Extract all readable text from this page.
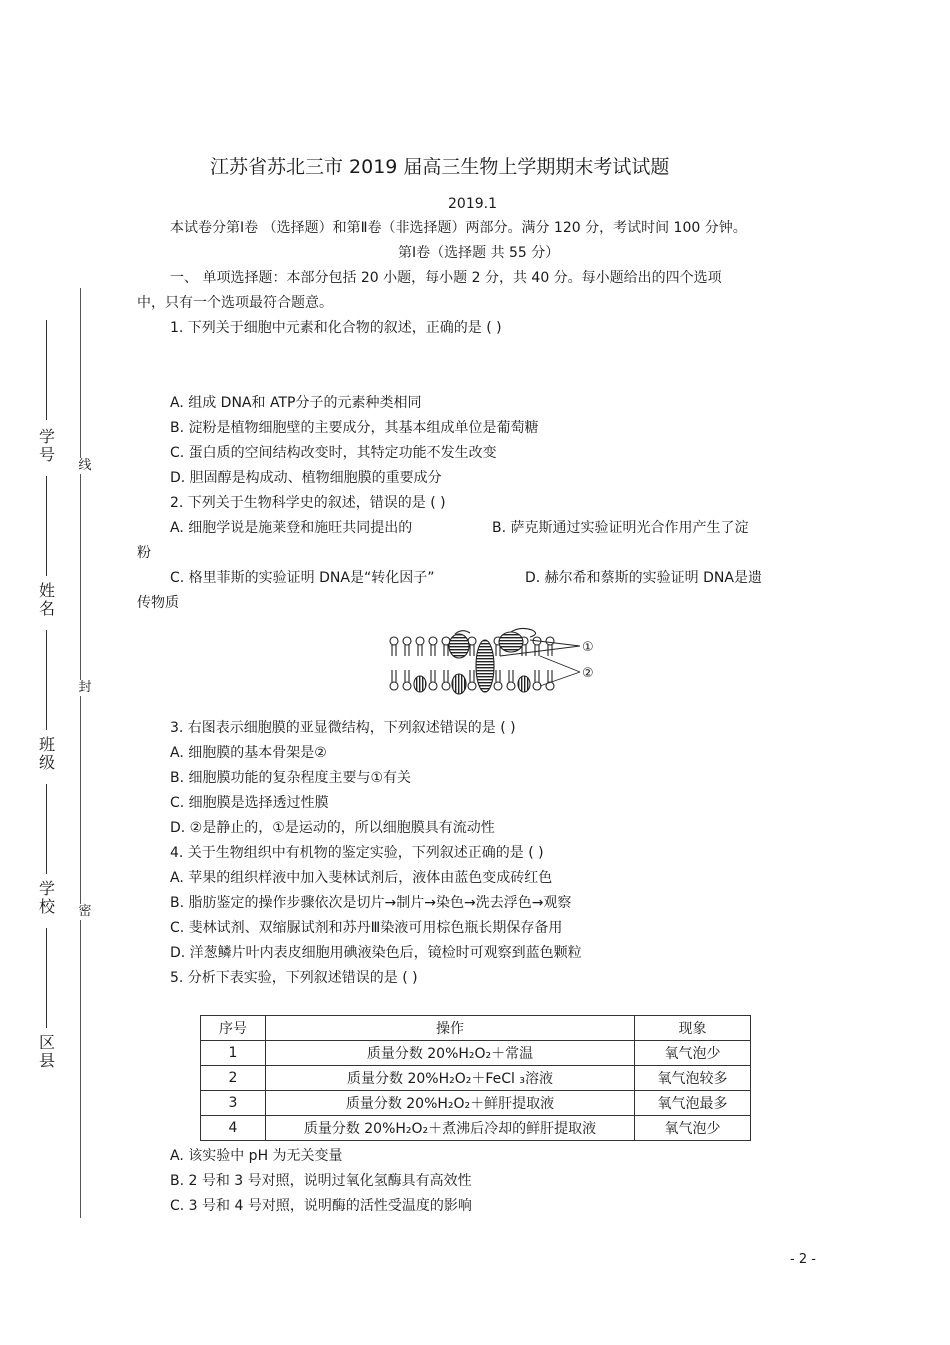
学号
姓名
班级
学校
区县
线
封
密
江苏省苏北三市 2019 届高三生物上学期期末考试试题
2019.1
本试卷分第Ⅰ卷 （选择题）和第Ⅱ卷（非选择题）两部分。满分 120 分，考试时间 100 分钟。
第Ⅰ卷（选择题 共 55 分）
一、 单项选择题：本部分包括 20 小题，每小题 2 分，共 40 分。每小题给出的四个选项
中，只有一个选项最符合题意。
1. 下列关于细胞中元素和化合物的叙述，正确的是 ( )
A. 组成 DNA和 ATP分子的元素种类相同
B. 淀粉是植物细胞壁的主要成分，其基本组成单位是葡萄糖
C. 蛋白质的空间结构改变时，其特定功能不发生改变
D. 胆固醇是构成动、植物细胞膜的重要成分
2. 下列关于生物科学史的叙述，错误的是 ( )
A. 细胞学说是施莱登和施旺共同提出的	B. 萨克斯通过实验证明光合作用产生了淀
粉
C. 格里菲斯的实验证明 DNA是“转化因子”	D. 赫尔希和蔡斯的实验证明 DNA是遗
传物质
①
②
3. 右图表示细胞膜的亚显微结构，下列叙述错误的是 ( )
A. 细胞膜的基本骨架是②
B. 细胞膜功能的复杂程度主要与①有关
C. 细胞膜是选择透过性膜
D. ②是静止的，①是运动的，所以细胞膜具有流动性
4. 关于生物组织中有机物的鉴定实验，下列叙述正确的是 ( )
A. 苹果的组织样液中加入斐林试剂后，液体由蓝色变成砖红色
B. 脂肪鉴定的操作步骤依次是切片→制片→染色→洗去浮色→观察
C. 斐林试剂、双缩脲试剂和苏丹Ⅲ染液可用棕色瓶长期保存备用
D. 洋葱鳞片叶内表皮细胞用碘液染色后，镜检时可观察到蓝色颗粒
5. 分析下表实验，下列叙述错误的是 ( )
序号	操作	现象
1	质量分数 20%H₂O₂＋常温	氧气泡少
2	质量分数 20%H₂O₂＋FeCl ₃溶液	氧气泡较多
3	质量分数 20%H₂O₂＋鲜肝提取液	氧气泡最多
4	质量分数 20%H₂O₂＋煮沸后冷却的鲜肝提取液	氧气泡少
A. 该实验中 pH 为无关变量
B. 2 号和 3 号对照，说明过氧化氢酶具有高效性
C. 3 号和 4 号对照，说明酶的活性受温度的影响
- 2 -
